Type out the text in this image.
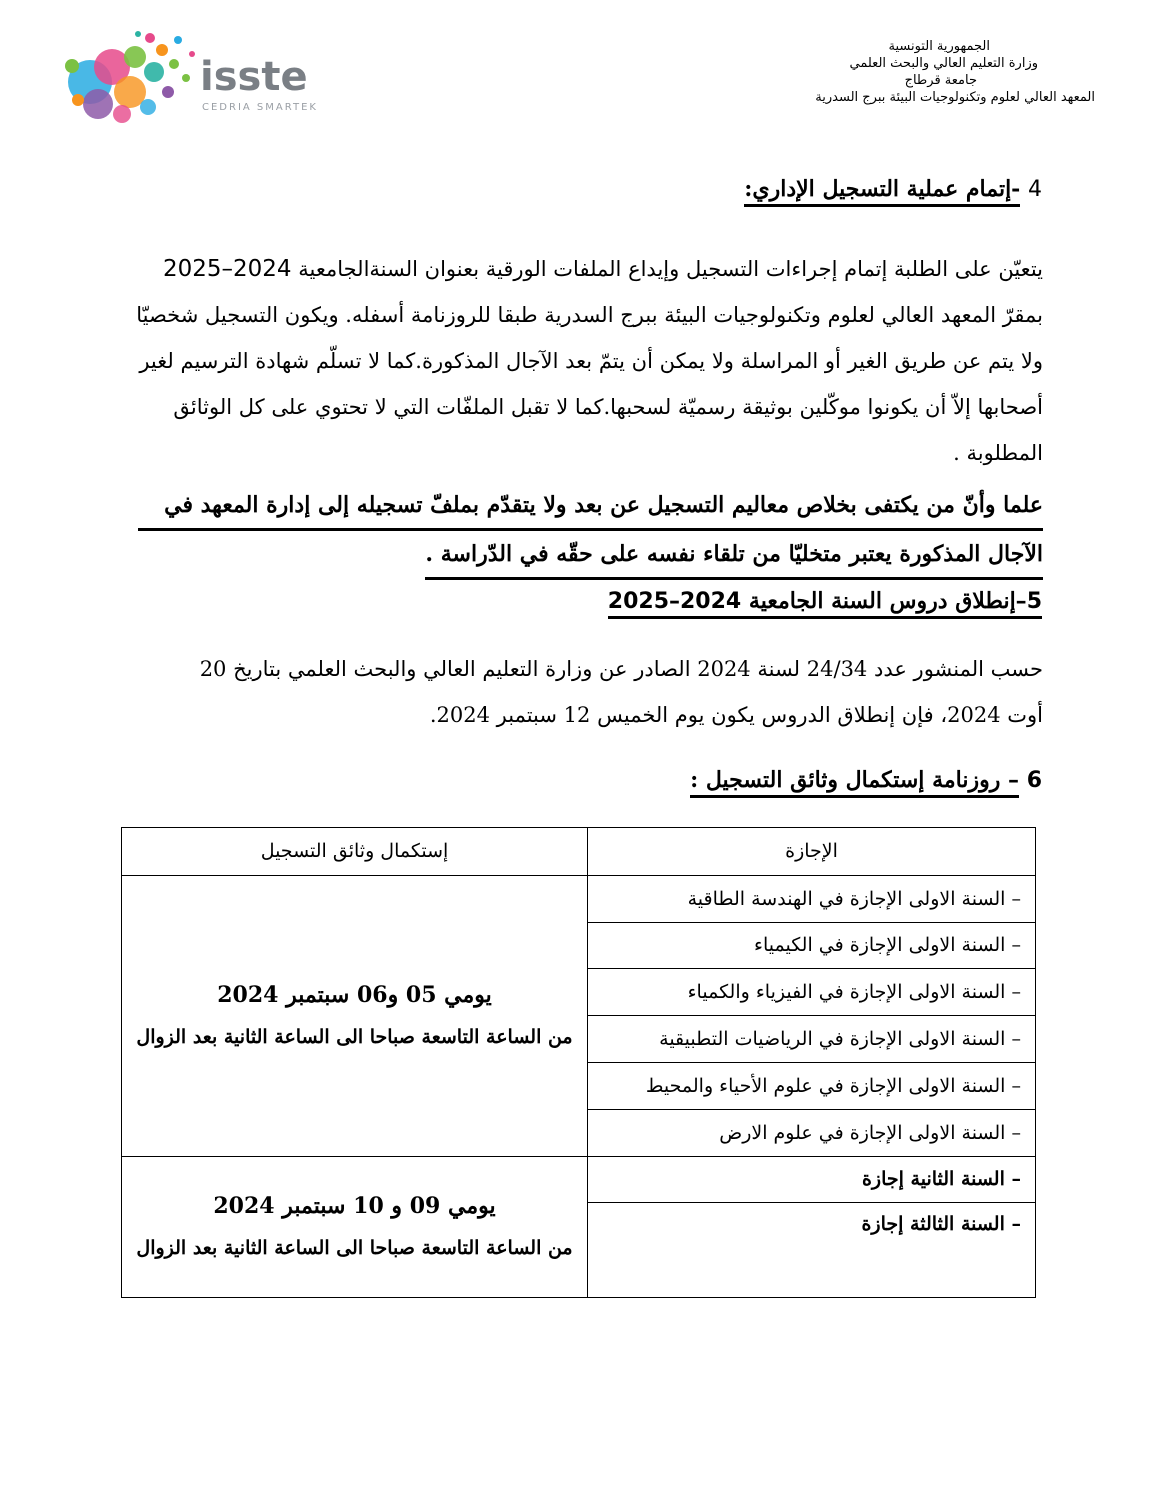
isste
CEDRIA SMARTEK
الجمهورية التونسية
وزارة التعليم العالي والبحث العلمي
جامعة قرطاج
المعهد العالي لعلوم وتكنولوجيات البيئة ببرج السدرية
4 -إتمام عملية التسجيل الإداري:
يتعيّن على الطلبة إتمام إجراءات التسجيل وإيداع الملفات الورقية بعنوان السنةالجامعية 2024–2025
بمقرّ المعهد العالي لعلوم وتكنولوجيات البيئة ببرج السدرية طبقا للروزنامة أسفله. ويكون التسجيل شخصيّا
ولا يتم عن طريق الغير أو المراسلة ولا يمكن أن يتمّ بعد الآجال المذكورة.كما لا تسلّم شهادة الترسيم لغير
أصحابها إلاّ أن يكونوا موكّلين بوثيقة رسميّة لسحبها.كما لا تقبل الملفّات التي لا تحتوي على كل الوثائق
المطلوبة .
علما وأنّ من يكتفى بخلاص معاليم التسجيل عن بعد ولا يتقدّم بملفّ تسجيله إلى إدارة المعهد في
الآجال المذكورة يعتبر متخليّا من تلقاء نفسه على حقّه في الدّراسة .
5–إنطلاق دروس السنة الجامعية 2024–2025
حسب المنشور عدد 24/34 لسنة 2024 الصادر عن وزارة التعليم العالي والبحث العلمي بتاريخ 20
أوت 2024، فإن إنطلاق الدروس يكون يوم الخميس 12 سبتمبر 2024.
6 – روزنامة إستكمال وثائق التسجيل :
الإجازة	إستكمال وثائق التسجيل
– السنة الاولى الإجازة في الهندسة الطاقية	يومي 05 و06 سبتمبر 2024
من الساعة التاسعة صباحا الى الساعة الثانية بعد الزوال

– السنة الاولى الإجازة في الكيمياء	
– السنة الاولى الإجازة في الفيزياء والكمياء	
– السنة الاولى الإجازة في الرياضيات التطبيقية	
– السنة الاولى الإجازة في علوم الأحياء والمحيط	
– السنة الاولى الإجازة في علوم الارض	
– السنة الثانية إجازة	يومي 09 و 10 سبتمبر 2024
من الساعة التاسعة صباحا الى الساعة الثانية بعد الزوال

– السنة الثالثة إجازة	
